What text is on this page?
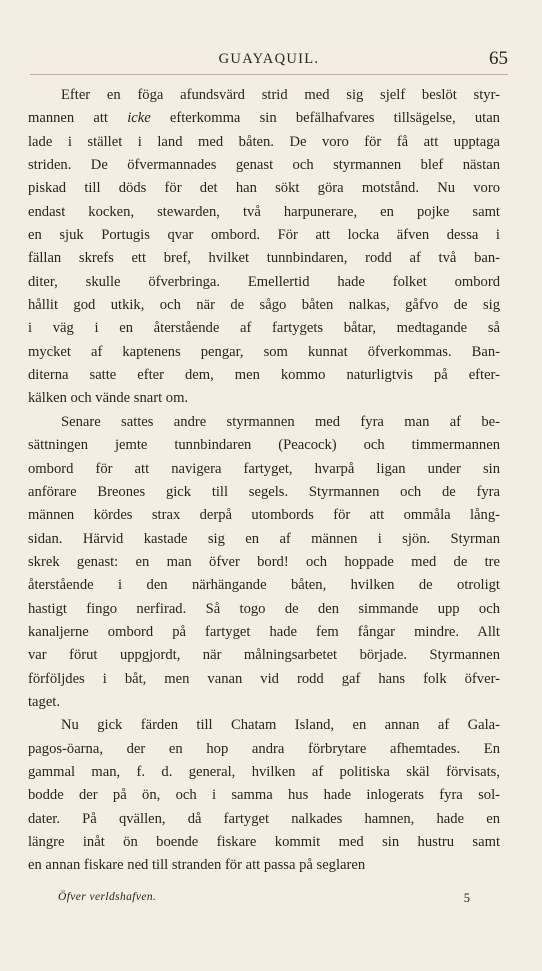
GUAYAQUIL.	65
Efter en föga afundsvärd strid med sig sjelf beslöt styr-
mannen att icke efterkomma sin befälhafvares tillsägelse, utan
lade i stället i land med båten. De voro för få att upptaga
striden. De öfvermannades genast och styrmannen blef nästan
piskad till döds för det han sökt göra motstånd. Nu voro
endast kocken, stewarden, två harpunerare, en pojke samt
en sjuk Portugis qvar ombord. För att locka äfven dessa i
fällan skrefs ett bref, hvilket tunnbindaren, rodd af två ban-
diter, skulle öfverbringa. Emellertid hade folket ombord
hållit god utkik, och när de sågo båten nalkas, gåfvo de sig
i väg i en återstående af fartygets båtar, medtagande så
mycket af kaptenens pengar, som kunnat öfverkommas. Ban-
diterna satte efter dem, men kommo naturligtvis på efter-
kälken och vände snart om.
Senare sattes andre styrmannen med fyra man af be-
sättningen jemte tunnbindaren (Peacock) och timmermannen
ombord för att navigera fartyget, hvarpå ligan under sin
anförare Breones gick till segels. Styrmannen och de fyra
männen kördes strax derpå utombords för att ommåla lång-
sidan. Härvid kastade sig en af männen i sjön. Styrman
skrek genast: en man öfver bord! och hoppade med de tre
återstående i den närhängande båten, hvilken de otroligt
hastigt fingo nerfirad. Så togo de den simmande upp och
kanaljerne ombord på fartyget hade fem fångar mindre. Allt
var förut uppgjordt, när målningsarbetet började. Styrmannen
förföljdes i båt, men vanan vid rodd gaf hans folk öfver-
taget.
Nu gick färden till Chatam Island, en annan af Gala-
pagos-öarna, der en hop andra förbrytare afhemtades. En
gammal man, f. d. general, hvilken af politiska skäl förvisats,
bodde der på ön, och i samma hus hade inlogerats fyra sol-
dater. På qvällen, då fartyget nalkades hamnen, hade en
längre inåt ön boende fiskare kommit med sin hustru samt
en annan fiskare ned till stranden för att passa på seglaren
Öfver verldshafven.	5
